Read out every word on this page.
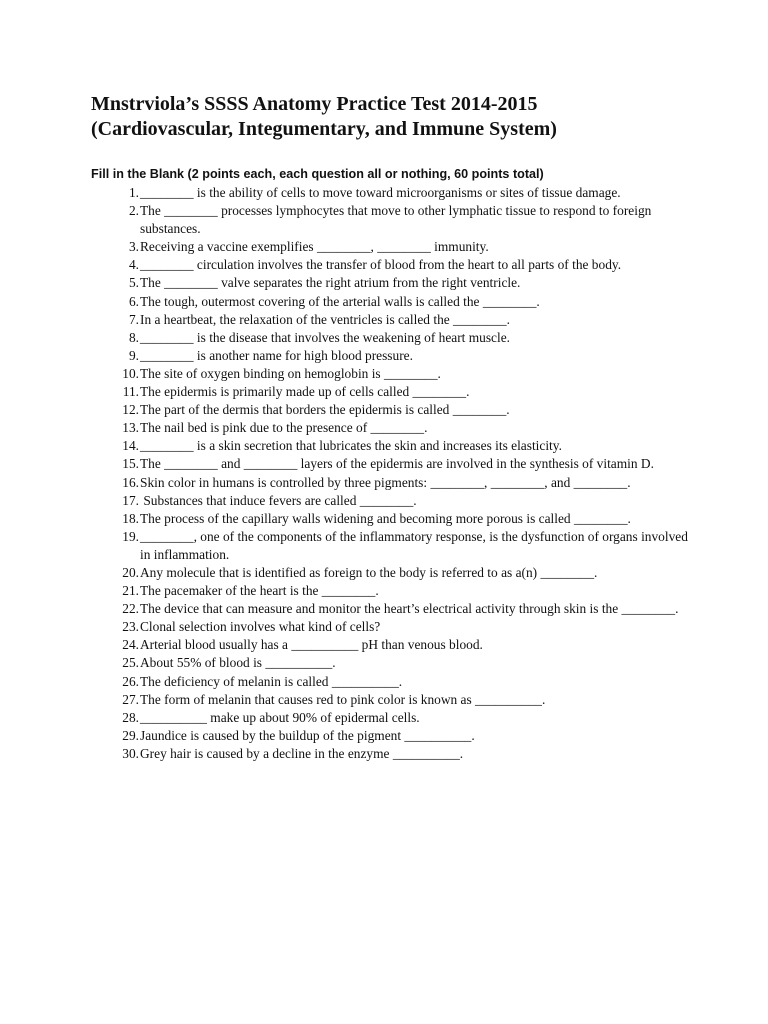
Mnstrviola’s SSSS Anatomy Practice Test 2014-2015
(Cardiovascular, Integumentary, and Immune System)
Fill in the Blank (2 points each, each question all or nothing, 60 points total)
1. ________ is the ability of cells to move toward microorganisms or sites of tissue damage.
2. The ________ processes lymphocytes that move to other lymphatic tissue to respond to foreign substances.
3. Receiving a vaccine exemplifies ________, ________ immunity.
4. ________ circulation involves the transfer of blood from the heart to all parts of the body.
5. The ________ valve separates the right atrium from the right ventricle.
6. The tough, outermost covering of the arterial walls is called the ________.
7. In a heartbeat, the relaxation of the ventricles is called the ________.
8. ________ is the disease that involves the weakening of heart muscle.
9. ________ is another name for high blood pressure.
10. The site of oxygen binding on hemoglobin is ________.
11. The epidermis is primarily made up of cells called ________.
12. The part of the dermis that borders the epidermis is called ________.
13. The nail bed is pink due to the presence of ________.
14. ________ is a skin secretion that lubricates the skin and increases its elasticity.
15. The ________ and ________ layers of the epidermis are involved in the synthesis of vitamin D.
16. Skin color in humans is controlled by three pigments: ________, ________, and ________.
17. Substances that induce fevers are called ________.
18. The process of the capillary walls widening and becoming more porous is called ________.
19. ________, one of the components of the inflammatory response, is the dysfunction of organs involved in inflammation.
20. Any molecule that is identified as foreign to the body is referred to as a(n) ________.
21. The pacemaker of the heart is the ________.
22. The device that can measure and monitor the heart’s electrical activity through skin is the ________.
23. Clonal selection involves what kind of cells?
24. Arterial blood usually has a __________ pH than venous blood.
25. About 55% of blood is __________.
26. The deficiency of melanin is called __________.
27. The form of melanin that causes red to pink color is known as __________.
28. __________ make up about 90% of epidermal cells.
29. Jaundice is caused by the buildup of the pigment __________.
30. Grey hair is caused by a decline in the enzyme __________.
